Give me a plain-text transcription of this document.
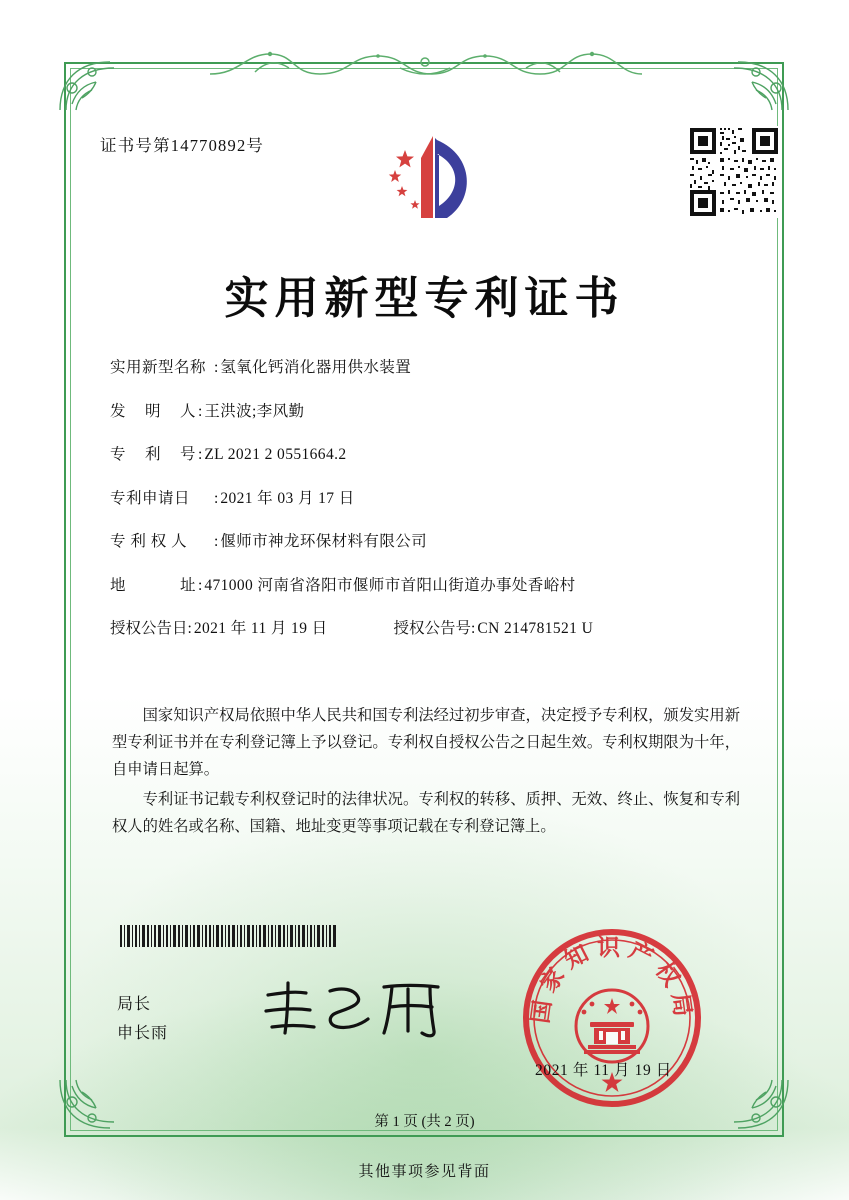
证书号第14770892号
实用新型专利证书
实用新型名称 : 氢氧化钙消化器用供水装置
发 明 人 : 王洪波;李风勤
专 利 号 : ZL 2021 2 0551664.2
专利申请日	: 2021 年 03 月 17 日
专 利 权 人	: 偃师市神龙环保材料有限公司
地	址 : 471000 河南省洛阳市偃师市首阳山街道办事处香峪村
授权公告日 : 2021 年 11 月 19 日	授权公告号 : CN 214781521 U

国家知识产权局依照中华人民共和国专利法经过初步审查，决定授予专利权，颁发实用新型专利证书并在专利登记簿上予以登记。专利权自授权公告之日起生效。专利权期限为十年，自申请日起算。

专利证书记载专利权登记时的法律状况。专利权的转移、质押、无效、终止、恢复和专利权人的姓名或名称、国籍、地址变更等事项记载在专利登记簿上。

局长
申长雨
国家知识产权局
2021 年 11 月 19 日
第 1 页 (共 2 页)
其他事项参见背面
